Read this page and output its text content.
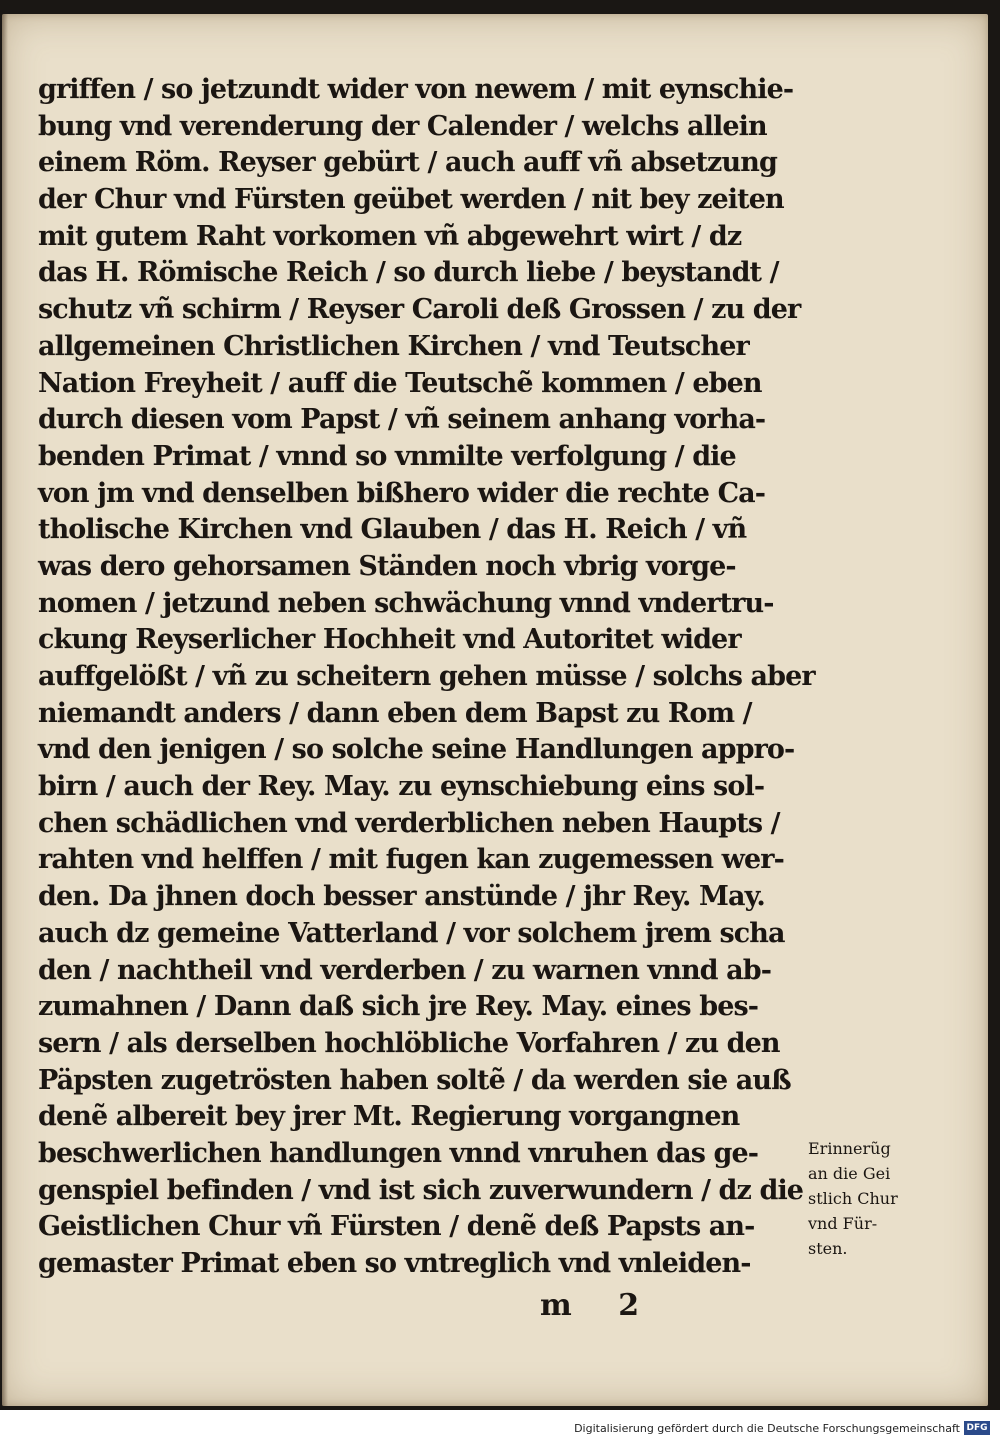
griffen / so jetzundt wider von newem / mit eynschie-
bung vnd verenderung der Calender / welchs allein
einem Röm. Reyser gebürt / auch auff vñ absetzung
der Chur vnd Fürsten geübet werden / nit bey zeiten
mit gutem Raht vorkomen vñ abgewehrt wirt / dz
das H. Römische Reich / so durch liebe / beystandt /
schutz vñ schirm / Reyser Caroli deß Grossen / zu der
allgemeinen Christlichen Kirchen / vnd Teutscher
Nation Freyheit / auff die Teutschẽ kommen / eben
durch diesen vom Papst / vñ seinem anhang vorha-
benden Primat / vnnd so vnmilte verfolgung / die
von jm vnd denselben bißhero wider die rechte Ca-
tholische Kirchen vnd Glauben / das H. Reich / vñ
was dero gehorsamen Ständen noch vbrig vorge-
nomen / jetzund neben schwächung vnnd vndertru-
ckung Reyserlicher Hochheit vnd Autoritet wider
auffgelößt / vñ zu scheitern gehen müsse / solchs aber
niemandt anders / dann eben dem Bapst zu Rom /
vnd den jenigen / so solche seine Handlungen appro-
birn / auch der Rey. May. zu eynschiebung eins sol-
chen schädlichen vnd verderblichen neben Haupts /
rahten vnd helffen / mit fugen kan zugemessen wer-
den. Da jhnen doch besser anstünde / jhr Rey. May.
auch dz gemeine Vatterland / vor solchem jrem scha
den / nachtheil vnd verderben / zu warnen vnnd ab-
zumahnen / Dann daß sich jre Rey. May. eines bes-
sern / als derselben hochlöbliche Vorfahren / zu den
Päpsten zugetrösten haben soltẽ / da werden sie auß
denẽ albereit bey jrer Mt. Regierung vorgangnen
beschwerlichen handlungen vnnd vnruhen das ge-
genspiel befinden / vnd ist sich zuverwundern / dz die
Geistlichen Chur vñ Fürsten / denẽ deß Papsts an-
gemaster Primat eben so vntreglich vnd vnleiden-
Erinnerũg
an die Gei
stlich Chur
vnd Für-
sten.
m 2
Digitalisierung gefördert durch die Deutsche Forschungsgemeinschaft DFG
